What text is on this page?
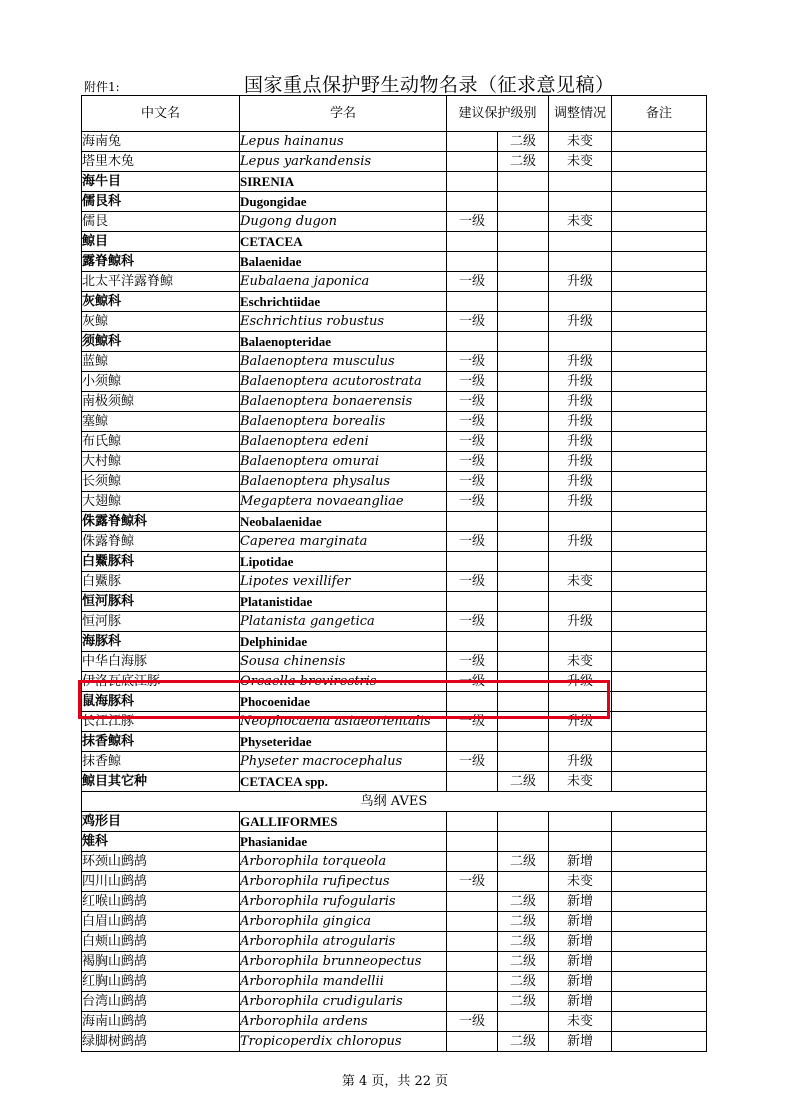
附件1:	国家重点保护野生动物名录（征求意见稿）
中文名	学名	建议保护级别		调整情况	备注
海南兔	Lepus hainanus		二级	未变	
塔里木兔	Lepus yarkandensis		二级	未变	
海牛目	SIRENIA				
儒艮科	Dugongidae				
儒艮	Dugong dugon	一级		未变	
鲸目	CETACEA				
露脊鲸科	Balaenidae				
北太平洋露脊鲸	Eubalaena japonica	一级		升级	
灰鲸科	Eschrichtiidae				
灰鲸	Eschrichtius robustus	一级		升级	
须鲸科	Balaenopteridae				
蓝鲸	Balaenoptera musculus	一级		升级	
小须鲸	Balaenoptera acutorostrata	一级		升级	
南极须鲸	Balaenoptera bonaerensis	一级		升级	
塞鲸	Balaenoptera borealis	一级		升级	
布氏鲸	Balaenoptera edeni	一级		升级	
大村鲸	Balaenoptera omurai	一级		升级	
长须鲸	Balaenoptera physalus	一级		升级	
大翅鲸	Megaptera novaeangliae	一级		升级	
侏露脊鲸科	Neobalaenidae				
侏露脊鲸	Caperea marginata	一级		升级	
白鱀豚科	Lipotidae				
白鱀豚	Lipotes vexillifer	一级		未变	
恒河豚科	Platanistidae				
恒河豚	Platanista gangetica	一级		升级	
海豚科	Delphinidae				
中华白海豚	Sousa chinensis	一级		未变	
伊洛瓦底江豚	Orcaella brevirostris	一级		升级	
鼠海豚科	Phocoenidae				
长江江豚	Neophocaena asiaeorientalis	一级		升级	
抹香鲸科	Physeteridae				
抹香鲸	Physeter macrocephalus	一级		升级	
鲸目其它种	CETACEA spp.		二级	未变	
鸟纲 AVES					
鸡形目	GALLIFORMES				
雉科	Phasianidae				
环颈山鹧鸪	Arborophila torqueola		二级	新增	
四川山鹧鸪	Arborophila rufipectus	一级		未变	
红喉山鹧鸪	Arborophila rufogularis		二级	新增	
白眉山鹧鸪	Arborophila gingica		二级	新增	
白颊山鹧鸪	Arborophila atrogularis		二级	新增	
褐胸山鹧鸪	Arborophila brunneopectus		二级	新增	
红胸山鹧鸪	Arborophila mandellii		二级	新增	
台湾山鹧鸪	Arborophila crudigularis		二级	新增	
海南山鹧鸪	Arborophila ardens	一级		未变	
绿脚树鹧鸪	Tropicoperdix chloropus		二级	新增	
第 4 页，共 22 页
